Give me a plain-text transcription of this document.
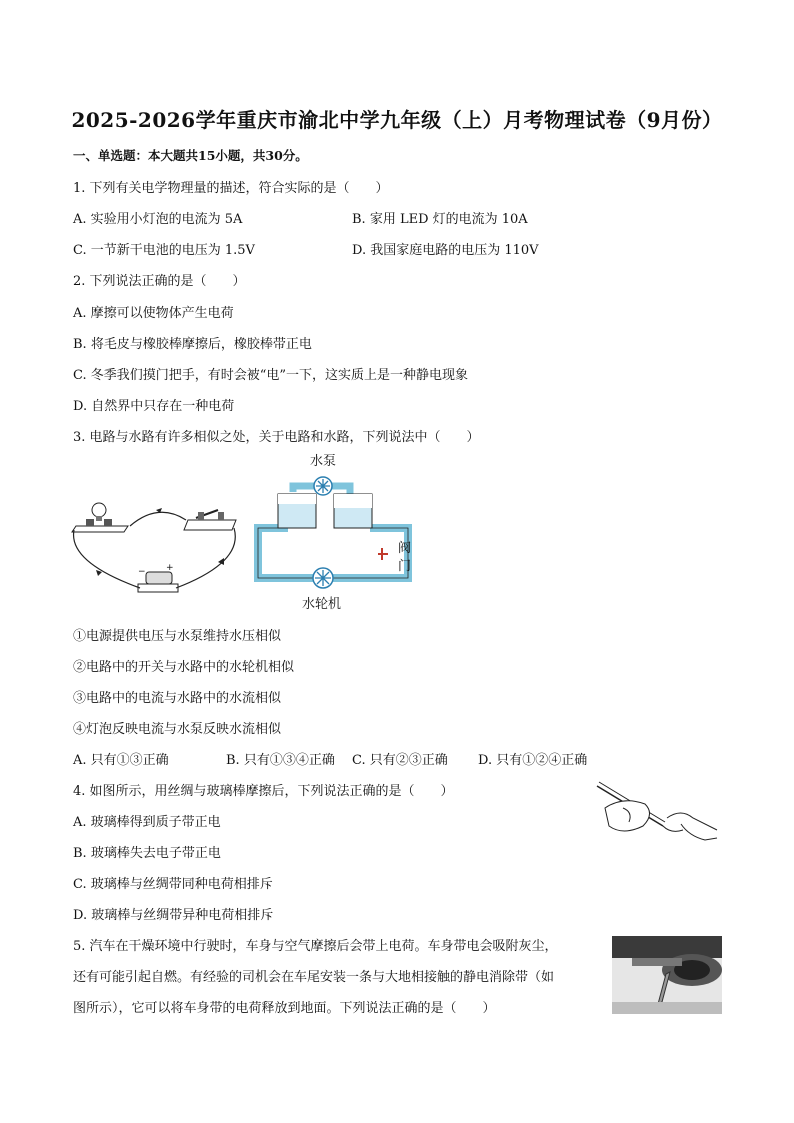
2025-2026学年重庆市渝北中学九年级（上）月考物理试卷（9月份）
一、单选题：本大题共15小题，共30分。
1. 下列有关电学物理量的描述，符合实际的是（　　）
A. 实验用小灯泡的电流为 5A	B. 家用 LED 灯的电流为 10A
C. 一节新干电池的电压为 1.5V	D. 我国家庭电路的电压为 110V
2. 下列说法正确的是（　　）
A. 摩擦可以使物体产生电荷
B. 将毛皮与橡胶棒摩擦后，橡胶棒带正电
C. 冬季我们摸门把手，有时会被“电”一下，这实质上是一种静电现象
D. 自然界中只存在一种电荷
3. 电路与水路有许多相似之处，关于电路和水路，下列说法中（　　）
+
−
水泵
阀
门
水轮机
①电源提供电压与水泵维持水压相似
②电路中的开关与水路中的水轮机相似
③电路中的电流与水路中的水流相似
④灯泡反映电流与水泵反映水流相似
A. 只有①③正确	B. 只有①③④正确 C. 只有②③正确 D. 只有①②④正确
4. 如图所示，用丝绸与玻璃棒摩擦后，下列说法正确的是（　　）
A. 玻璃棒得到质子带正电
B. 玻璃棒失去电子带正电
C. 玻璃棒与丝绸带同种电荷相排斥
D. 玻璃棒与丝绸带异种电荷相排斥
5. 汽车在干燥环境中行驶时，车身与空气摩擦后会带上电荷。车身带电会吸附灰尘，
还有可能引起自燃。有经验的司机会在车尾安装一条与大地相接触的静电消除带（如
图所示），它可以将车身带的电荷释放到地面。下列说法正确的是（　　）
